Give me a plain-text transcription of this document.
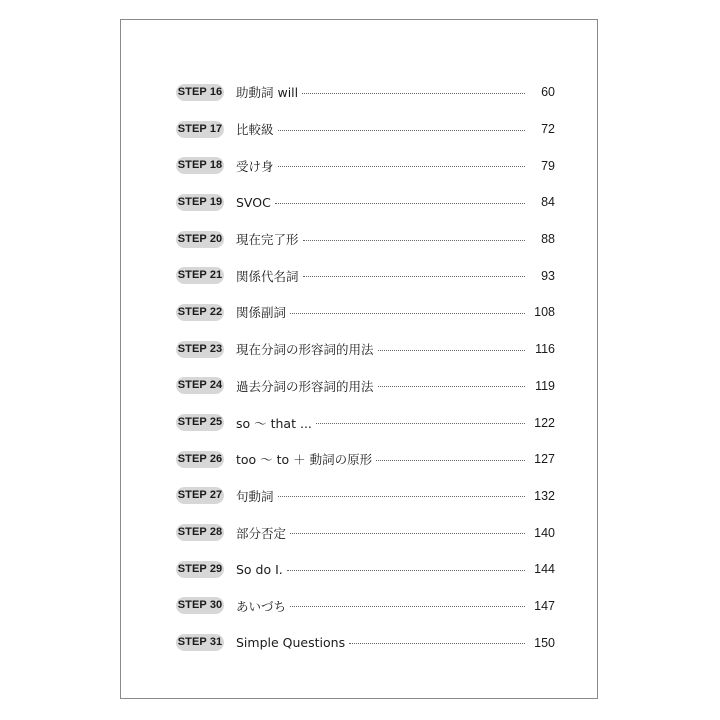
STEP 16 助動詞 will	60
STEP 17 比較級	72
STEP 18 受け身	79
STEP 19 SVOC	84
STEP 20 現在完了形	88
STEP 21 関係代名詞	93
STEP 22 関係副詞	108
STEP 23 現在分詞の形容詞的用法	116
STEP 24 過去分詞の形容詞的用法	119
STEP 25 so ～ that ...	122
STEP 26 too ～ to ＋ 動詞の原形	127
STEP 27 句動詞	132
STEP 28 部分否定	140
STEP 29 So do I.	144
STEP 30 あいづち	147
STEP 31 Simple Questions	150
